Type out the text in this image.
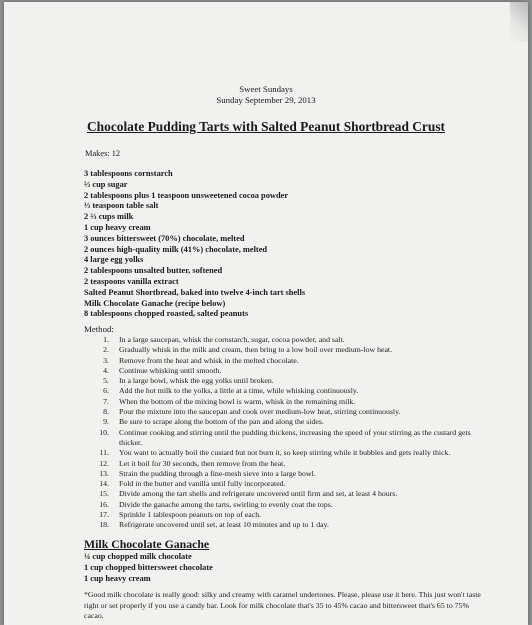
Sweet Sundays
Sunday September 29, 2013
Chocolate Pudding Tarts with Salted Peanut Shortbread Crust
Makes: 12
3 tablespoons cornstarch
⅔ cup sugar
2 tablespoons plus 1 teaspoon unsweetened cocoa powder
⅓ teaspoon table salt
2 ⅔ cups milk
1 cup heavy cream
3 ounces bittersweet (70%) chocolate, melted
2 ounces high-quality milk (41%) chocolate, melted
4 large egg yolks
2 tablespoons unsalted butter, softened
2 teaspoons vanilla extract
Salted Peanut Shortbread, baked into twelve 4-inch tart shells
Milk Chocolate Ganache (recipe below)
8 tablespoons chopped roasted, salted peanuts
Method:
1. In a large saucepan, whisk the cornstarch, sugar, cocoa powder, and salt.
2. Gradually whisk in the milk and cream, then bring to a low boil over medium-low heat.
3. Remove from the heat and whisk in the melted chocolate.
4. Continue whisking until smooth.
5. In a large bowl, whisk the egg yolks until broken.
6. Add the hot milk to the yolks, a little at a time, while whisking continuously.
7. When the bottom of the mixing bowl is warm, whisk in the remaining milk.
8. Pour the mixture into the saucepan and cook over medium-low heat, stirring continuously.
9. Be sure to scrape along the bottom of the pan and along the sides.
10. Continue cooking and stirring until the pudding thickens, increasing the speed of your stirring as the custard gets thicker.
11. You want to actually boil the custard but not burn it, so keep stirring while it bubbles and gets really thick.
12. Let it boil for 30 seconds, then remove from the heat.
13. Strain the pudding through a fine-mesh sieve into a large bowl.
14. Fold in the butter and vanilla until fully incorporated.
15. Divide among the tart shells and refrigerate uncovered until firm and set, at least 4 hours.
16. Divide the ganache among the tarts, swirling to evenly coat the tops.
17. Sprinkle 1 tablespoon peanuts on top of each.
18. Refrigerate uncovered until set, at least 10 minutes and up to 1 day.
Milk Chocolate Ganache
¼ cup chopped milk chocolate
1 cup chopped bittersweet chocolate
1 cup heavy cream
*Good milk chocolate is really good: silky and creamy with caramel undertones. Please, please use it here. This just won't taste right or set properly if you use a candy bar. Look for milk chocolate that's 35 to 45% cacao and bittersweet that's 65 to 75% cacao.
